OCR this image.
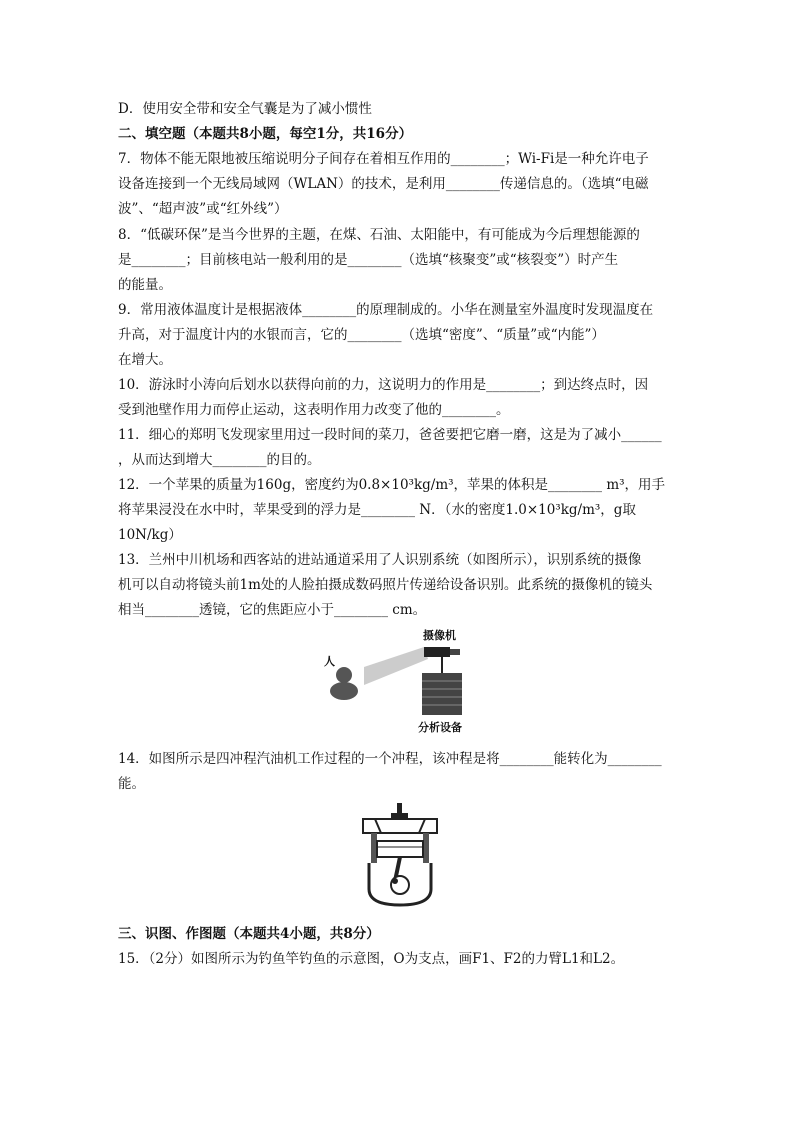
D．使用安全带和安全气囊是为了减小惯性
二、填空题（本题共8小题，每空1分，共16分）
7．物体不能无限地被压缩说明分子间存在着相互作用的________；Wi-Fi是一种允许电子
设备连接到一个无线局域网（WLAN）的技术，是利用________传递信息的。（选填“电磁
波”、“超声波”或“红外线”）
8．“低碳环保”是当今世界的主题，在煤、石油、太阳能中，有可能成为今后理想能源的
是________；目前核电站一般利用的是________（选填“核聚变”或“核裂变”）时产生
的能量。
9．常用液体温度计是根据液体________的原理制成的。小华在测量室外温度时发现温度在
升高，对于温度计内的水银而言，它的________（选填“密度”、“质量”或“内能”）
在增大。
10．游泳时小涛向后划水以获得向前的力，这说明力的作用是________；到达终点时，因
受到池壁作用力而停止运动，这表明作用力改变了他的________。
11．细心的郑明飞发现家里用过一段时间的菜刀，爸爸要把它磨一磨，这是为了减小______
，从而达到增大________的目的。
12．一个苹果的质量为160g，密度约为0.8×10³kg/m³，苹果的体积是________ m³，用手
将苹果浸没在水中时，苹果受到的浮力是________ N．（水的密度1.0×10³kg/m³，g取
10N/kg）
13．兰州中川机场和西客站的进站通道采用了人识别系统（如图所示），识别系统的摄像
机可以自动将镜头前1m处的人脸拍摄成数码照片传递给设备识别。此系统的摄像机的镜头
相当________透镜，它的焦距应小于________ cm。
人
摄像机
分析设备
14．如图所示是四冲程汽油机工作过程的一个冲程，该冲程是将________能转化为________
能。
三、识图、作图题（本题共4小题，共8分）
15．（2分）如图所示为钓鱼竿钓鱼的示意图，O为支点，画F1、F2的力臂L1和L2。
